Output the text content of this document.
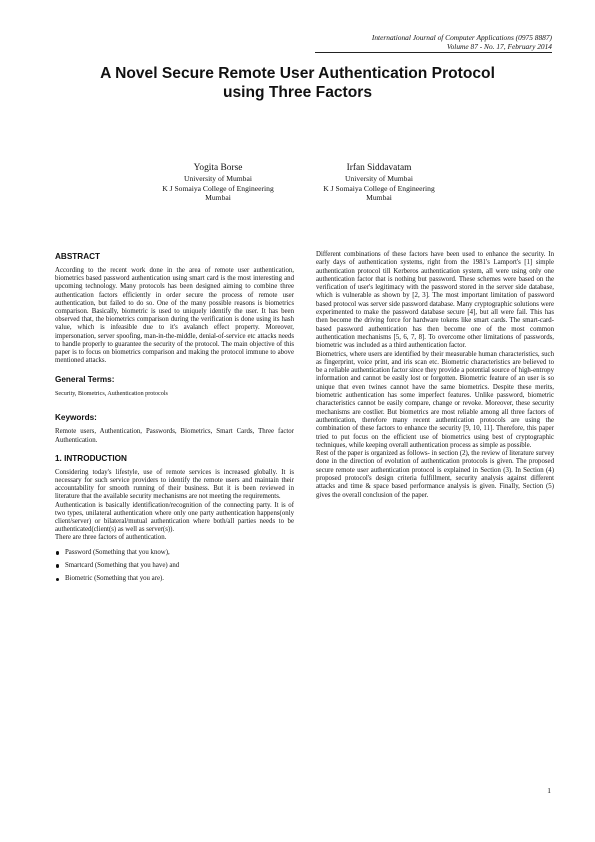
International Journal of Computer Applications (0975 8887)
Volume 87 - No. 17, February 2014
A Novel Secure Remote User Authentication Protocol
using Three Factors
Yogita Borse
University of Mumbai
K J Somaiya College of Engineering
Mumbai
Irfan Siddavatam
University of Mumbai
K J Somaiya College of Engineering
Mumbai
ABSTRACT

According to the recent work done in the area of remote user authentication, biometrics based password authentication using smart card is the most interesting and upcoming technology. Many protocols has been designed aiming to combine three authentication factors efficiently in order secure the process of remote user authentication, but failed to do so. One of the many possible reasons is biometrics comparison. Basically, biometric is used to uniquely identify the user. It has been observed that, the biometrics comparison during the verification is done using its hash value, which is infeasible due to it's avalanch effect property. Moreover, impersonation, server spoofing, man-in-the-middle, denial-of-service etc attacks needs to handle properly to guarantee the security of the protocol. The main objective of this paper is to focus on biometrics comparison and making the protocol immune to above mentioned attacks.

General Terms:

Security, Biometrics, Authentication protocols

Keywords:

Remote users, Authentication, Passwords, Biometrics, Smart Cards, Three factor Authentication.

1. INTRODUCTION

Considering today's lifestyle, use of remote services is increased globally. It is necessary for such service providers to identify the remote users and maintain their accountability for smooth running of their business. But it is been reviewed in literature that the available security mechanisms are not meeting the requirements.

Authentication is basically identification/recognition of the connecting party. It is of two types, unilateral authentication where only one party authentication happens(only client/server) or bilateral/mutual authentication where both/all parties needs to be authenticated(client(s) as well as server(s)).

There are three factors of authentication.

Password (Something that you know),
Smartcard (Something that you have) and
Biometric (Something that you are).

Different combinations of these factors have been used to enhance the security. In early days of authentication systems, right from the 1981's Lamport's [1] simple authentication protocol till Kerberos authentication system, all were using only one authentication factor that is nothing but password. These schemes were based on the verification of user's legitimacy with the password stored in the server side database, which is vulnerable as shown by [2, 3]. The most important limitation of password based protocol was server side password database. Many cryptographic solutions were experimented to make the password database secure [4], but all were fail. This has then become the driving force for hardware tokens like smart cards. The smart-card-based password authentication has then become one of the most common authentication mechanisms [5, 6, 7, 8]. To overcome other limitations of passwords, biometric was included as a third authentication factor.

Biometrics, where users are identified by their measurable human characteristics, such as fingerprint, voice print, and iris scan etc. Biometric characteristics are believed to be a reliable authentication factor since they provide a potential source of high-entropy information and cannot be easily lost or forgotten. Biometric feature of an user is so unique that even twines cannot have the same biometrics. Despite these merits, biometric authentication has some imperfect features. Unlike password, biometric characteristics cannot be easily compare, change or revoke. Moreover, these security mechanisms are costlier. But biometrics are most reliable among all three factors of authentication, therefore many recent authentication protocols are using the combination of these factors to enhance the security [9, 10, 11]. Therefore, this paper tried to put focus on the efficient use of biometrics using best of cryptographic techniques, while keeping overall authentication process as simple as possible.

Rest of the paper is organized as follows- in section (2), the review of literature survey done in the direction of evolution of authentication protocols is given. The proposed secure remote user authentication protocol is explained in Section (3). In Section (4) proposed protocol's design criteria fulfillment, security analysis against different attacks and time & space based performance analysis is given. Finally, Section (5) gives the overall conclusion of the paper.

1
